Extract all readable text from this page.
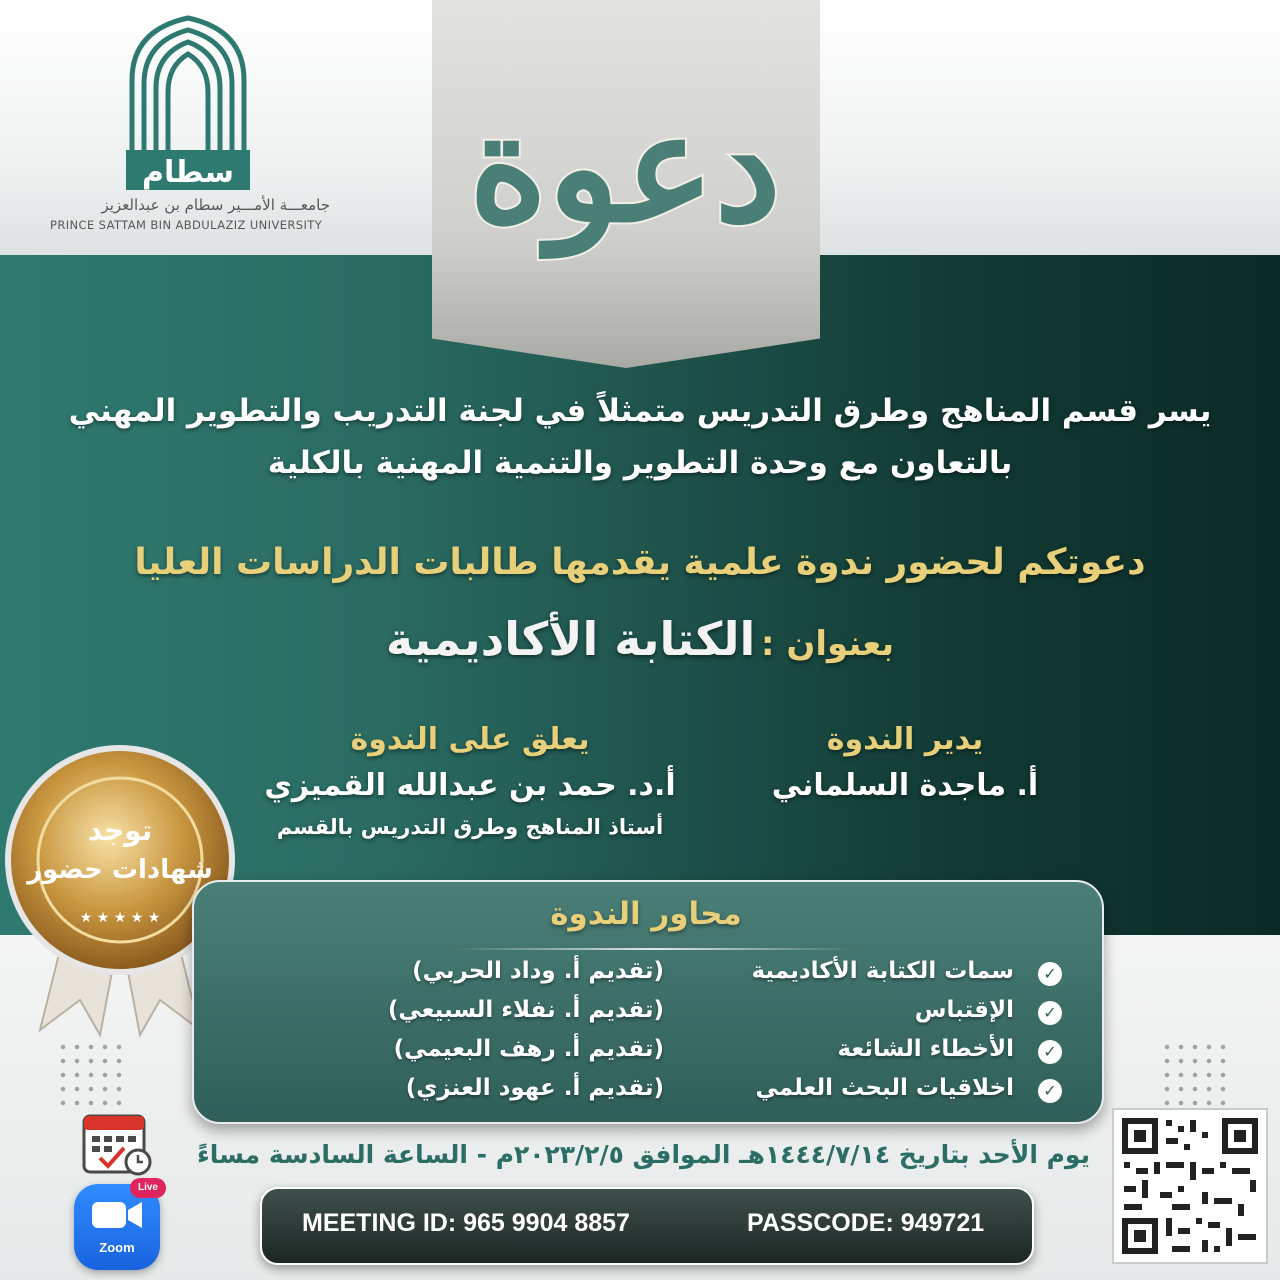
سطام
جامعـــة الأمـــير سطام بن عبدالعزيز
PRINCE SATTAM BIN ABDULAZIZ UNIVERSITY دعوة
يسر قسم المناهج وطرق التدريس متمثلاً في لجنة التدريب والتطوير المهني
بالتعاون مع وحدة التطوير والتنمية المهنية بالكلية
دعوتكم لحضور ندوة علمية يقدمها طالبات الدراسات العليا
بعنوان : الكتابة الأكاديمية
يدير الندوة
أ. ماجدة السلماني
يعلق على الندوة
أ.د. حمد بن عبدالله القميزي
أستاذ المناهج وطرق التدريس بالقسم
توجد
شهادات حضور
★ ★ ★ ★ ★	محاور الندوة
✓
سمات الكتابة الأكاديمية
(تقديم أ. وداد الحربي)
✓
الإقتباس
(تقديم أ. نفلاء السبيعي)
✓
الأخطاء الشائعة
(تقديم أ. رهف البعيمي)
✓
اخلاقيات البحث العلمي
(تقديم أ. عهود العنزي)
يوم الأحد بتاريخ ١٤٤٤/٧/١٤هـ الموافق ٢٠٢٣/٢/٥م - الساعة السادسة مساءً
Zoom
Live
MEETING ID: 965 9904 8857	PASSCODE: 949721
